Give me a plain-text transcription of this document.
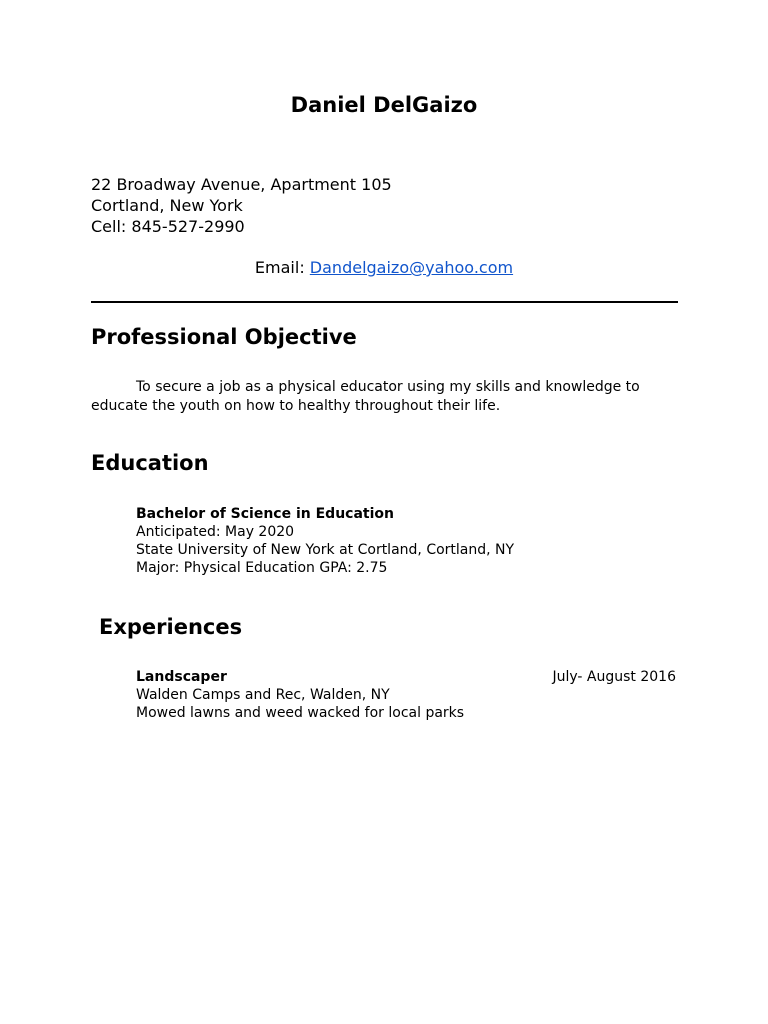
Daniel DelGaizo
22 Broadway Avenue, Apartment 105
Cortland, New York
Cell: 845-527-2990
Email: Dandelgaizo@yahoo.com
Professional Objective
To secure a job as a physical educator using my skills and knowledge to
educate the youth on how to healthy throughout their life.
Education
Bachelor of Science in Education
Anticipated: May 2020
State University of New York at Cortland, Cortland, NY
Major: Physical Education GPA: 2.75
Experiences
Landscaper	July- August 2016
Walden Camps and Rec, Walden, NY
Mowed lawns and weed wacked for local parks
